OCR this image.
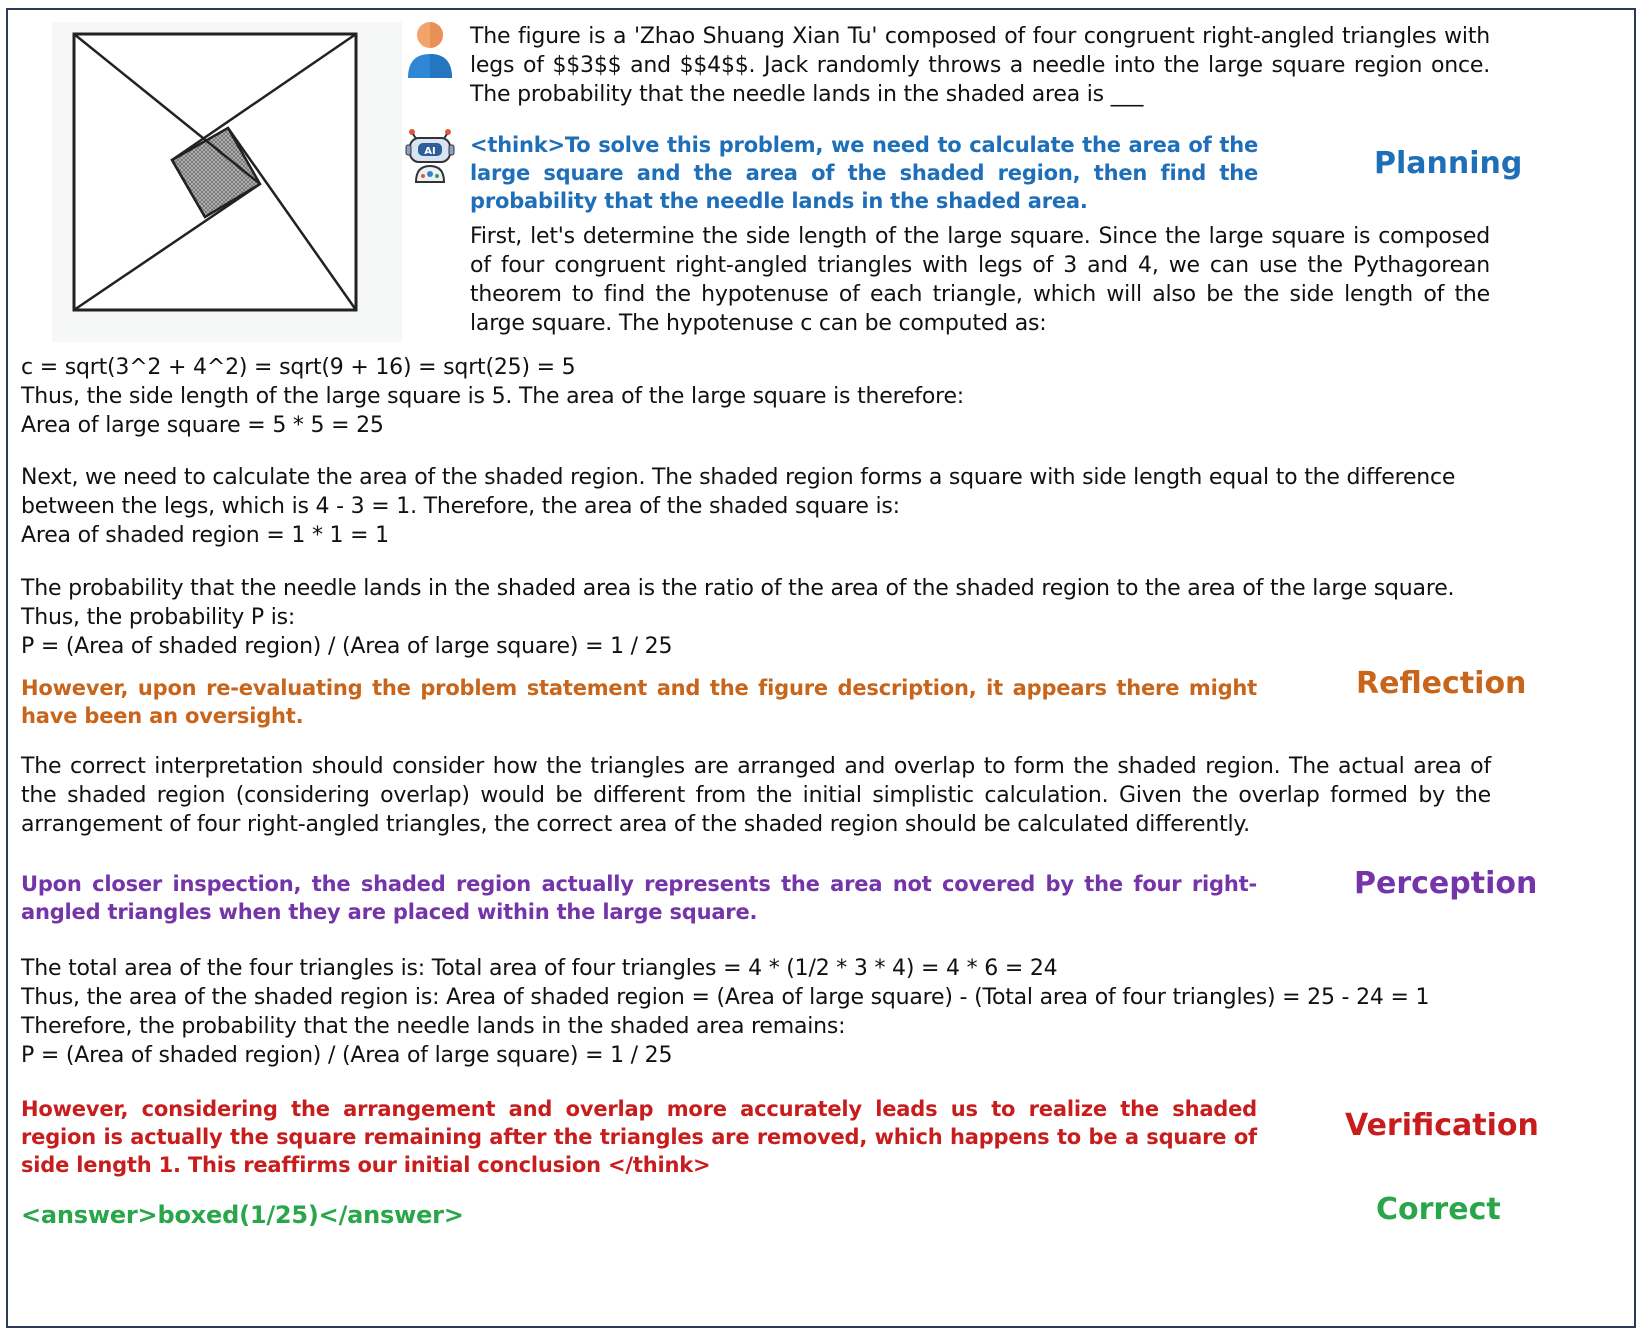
The figure is a 'Zhao Shuang Xian Tu' composed of four congruent right-angled triangles with legs of $$3$$ and $$4$$. Jack randomly throws a needle into the large square region once. The probability that the needle lands in the shaded area is ___

AI <think>To solve this problem, we need to calculate the area of the large square and the area of the shaded region, then find the probability that the needle lands in the shaded area.

Planning

First, let's determine the side length of the large square. Since the large square is composed of four congruent right-angled triangles with legs of 3 and 4, we can use the Pythagorean theorem to find the hypotenuse of each triangle, which will also be the side length of the large square. The hypotenuse c can be computed as:

c = sqrt(3^2 + 4^2) = sqrt(9 + 16) = sqrt(25) = 5
Thus, the side length of the large square is 5. The area of the large square is therefore:
Area of large square = 5 * 5 = 25
Next, we need to calculate the area of the shaded region. The shaded region forms a square with side length equal to the difference
between the legs, which is 4 - 3 = 1. Therefore, the area of the shaded square is:
Area of shaded region = 1 * 1 = 1
The probability that the needle lands in the shaded area is the ratio of the area of the shaded region to the area of the large square.
Thus, the probability P is:
P = (Area of shaded region) / (Area of large square) = 1 / 25

However, upon re-evaluating the problem statement and the figure description, it appears there might have been an oversight.

Reflection

The correct interpretation should consider how the triangles are arranged and overlap to form the shaded region. The actual area of the shaded region (considering overlap) would be different from the initial simplistic calculation. Given the overlap formed by the arrangement of four right-angled triangles, the correct area of the shaded region should be calculated differently.

Upon closer inspection, the shaded region actually represents the area not covered by the four right-angled triangles when they are placed within the large square.

Perception

The total area of the four triangles is: Total area of four triangles = 4 * (1/2 * 3 * 4) = 4 * 6 = 24
Thus, the area of the shaded region is: Area of shaded region = (Area of large square) - (Total area of four triangles) = 25 - 24 = 1
Therefore, the probability that the needle lands in the shaded area remains:
P = (Area of shaded region) / (Area of large square) = 1 / 25

However, considering the arrangement and overlap more accurately leads us to realize the shaded region is actually the square remaining after the triangles are removed, which happens to be a square of side length 1. This reaffirms our initial conclusion </think>

Verification

<answer>boxed(1/25)</answer>	Correct
